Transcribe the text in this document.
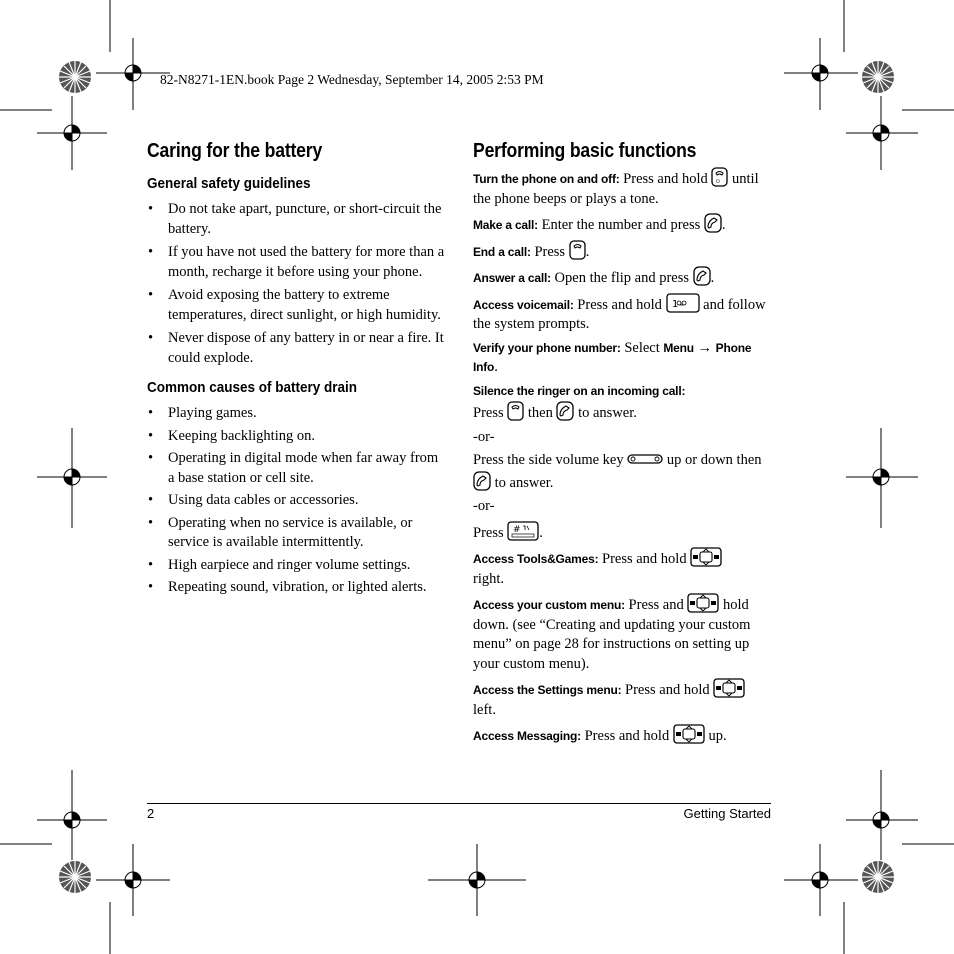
82-N8271-1EN.book Page 2 Wednesday, September 14, 2005 2:53 PM
Caring for the battery
General safety guidelines
• Do not take apart, puncture, or short-circuit the battery.
• If you have not used the battery for more than a month, recharge it before using your phone.
• Avoid exposing the battery to extreme temperatures, direct sunlight, or high humidity.
• Never dispose of any battery in or near a fire. It could explode.
Common causes of battery drain
• Playing games.
• Keeping backlighting on.
• Operating in digital mode when far away from a base station or cell site.
• Using data cables or accessories.
• Operating when no service is available, or service is available intermittently.
• High earpiece and ringer volume settings.
• Repeating sound, vibration, or lighted alerts.
Performing basic functions
Turn the phone on and off: Press and hold ⏻ until the phone beeps or plays a tone.
Make a call: Enter the number and press .
End a call: Press .
Answer a call: Open the flip and press .
Access voicemail: Press and hold 1 and follow the system prompts.
Verify your phone number: Select Menu → Phone Info.
Silence the ringer on an incoming call:
Press  then  to answer.
-or-
Press the side volume key  up or down then  to answer.
-or-
Press # .
Access Tools&Games: Press and hold
right.
Access your custom menu: Press and  hold down. (see “Creating and updating your custom menu” on page 28 for instructions on setting up your custom menu).
Access the Settings menu: Press and hold
left.
Access Messaging: Press and hold  up.
2	Getting Started
